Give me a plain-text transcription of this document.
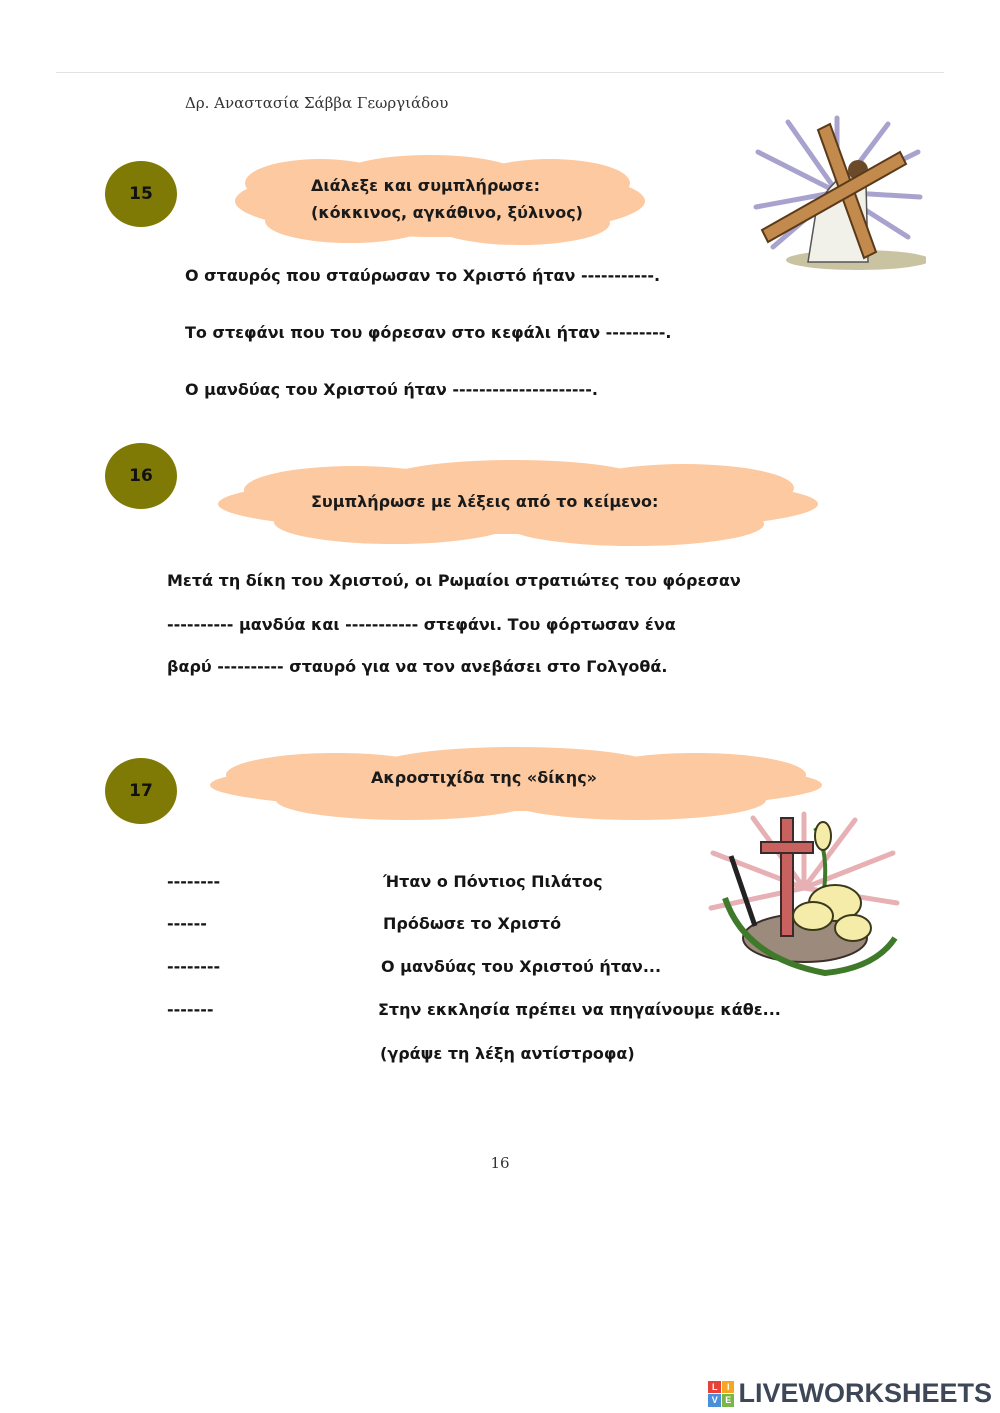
Δρ. Αναστασία Σάββα Γεωργιάδου
15	Διάλεξε και συμπλήρωσε:
(κόκκινος, αγκάθινο, ξύλινος)
Ο σταυρός που σταύρωσαν το Χριστό ήταν -----------.
Το στεφάνι που του φόρεσαν στο κεφάλι ήταν ---------.
Ο μανδύας του Χριστού ήταν ---------------------.
16
Συμπλήρωσε με λέξεις από το κείμενο:
Μετά τη δίκη του Χριστού, οι Ρωμαίοι στρατιώτες του φόρεσαν
---------- μανδύα και ----------- στεφάνι. Του φόρτωσαν ένα
βαρύ ---------- σταυρό για να τον ανεβάσει στο Γολγοθά.
17
Ακροστιχίδα της «δίκης»
--------	Ήταν ο Πόντιος Πιλάτος
------	Πρόδωσε το Χριστό
--------	Ο μανδύας του Χριστού ήταν...
-------	Στην εκκλησία πρέπει να πηγαίνουμε κάθε...
(γράψε τη λέξη αντίστροφα)
16
L	I
V E LIVEWORKSHEETS
